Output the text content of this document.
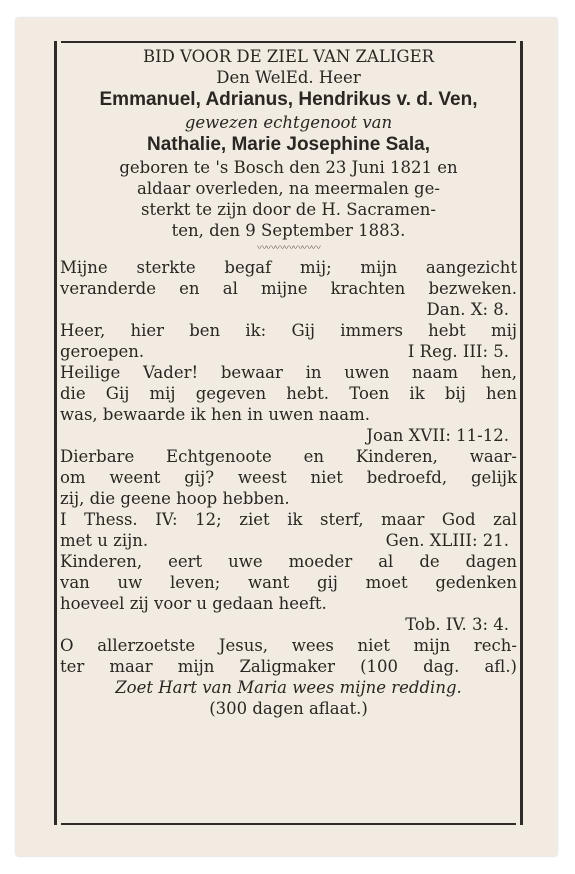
BID VOOR DE ZIEL VAN ZALIGER
Den WelEd. Heer
Emmanuel, Adrianus, Hendrikus v. d. Ven,
gewezen echtgenoot van
Nathalie, Marie Josephine Sala,
geboren te 's Bosch den 23 Juni 1821 en
aldaar overleden, na meermalen ge-
sterkt te zijn door de H. Sacramen-
ten, den 9 September 1883.
〰〰〰〰〰〰〰
Mijne sterkte begaf mij; mijn aangezicht
veranderde en al mijne krachten bezweken.
Dan. X: 8.
Heer, hier ben ik: Gij immers hebt mij
geroepen.	I Reg. III: 5.
Heilige Vader! bewaar in uwen naam hen,
die Gij mij gegeven hebt. Toen ik bij hen
was, bewaarde ik hen in uwen naam.
Joan XVII: 11-12.
Dierbare Echtgenoote en Kinderen, waar-
om weent gij? weest niet bedroefd, gelijk
zij, die geene hoop hebben.
I Thess. IV: 12; ziet ik sterf, maar God zal
met u zijn.	Gen. XLIII: 21.
Kinderen, eert uwe moeder al de dagen
van uw leven; want gij moet gedenken
hoeveel zij voor u gedaan heeft.
Tob. IV. 3: 4.
O allerzoetste Jesus, wees niet mijn rech-
ter maar mijn Zaligmaker (100 dag. afl.)
Zoet Hart van Maria wees mijne redding.
(300 dagen aflaat.)
